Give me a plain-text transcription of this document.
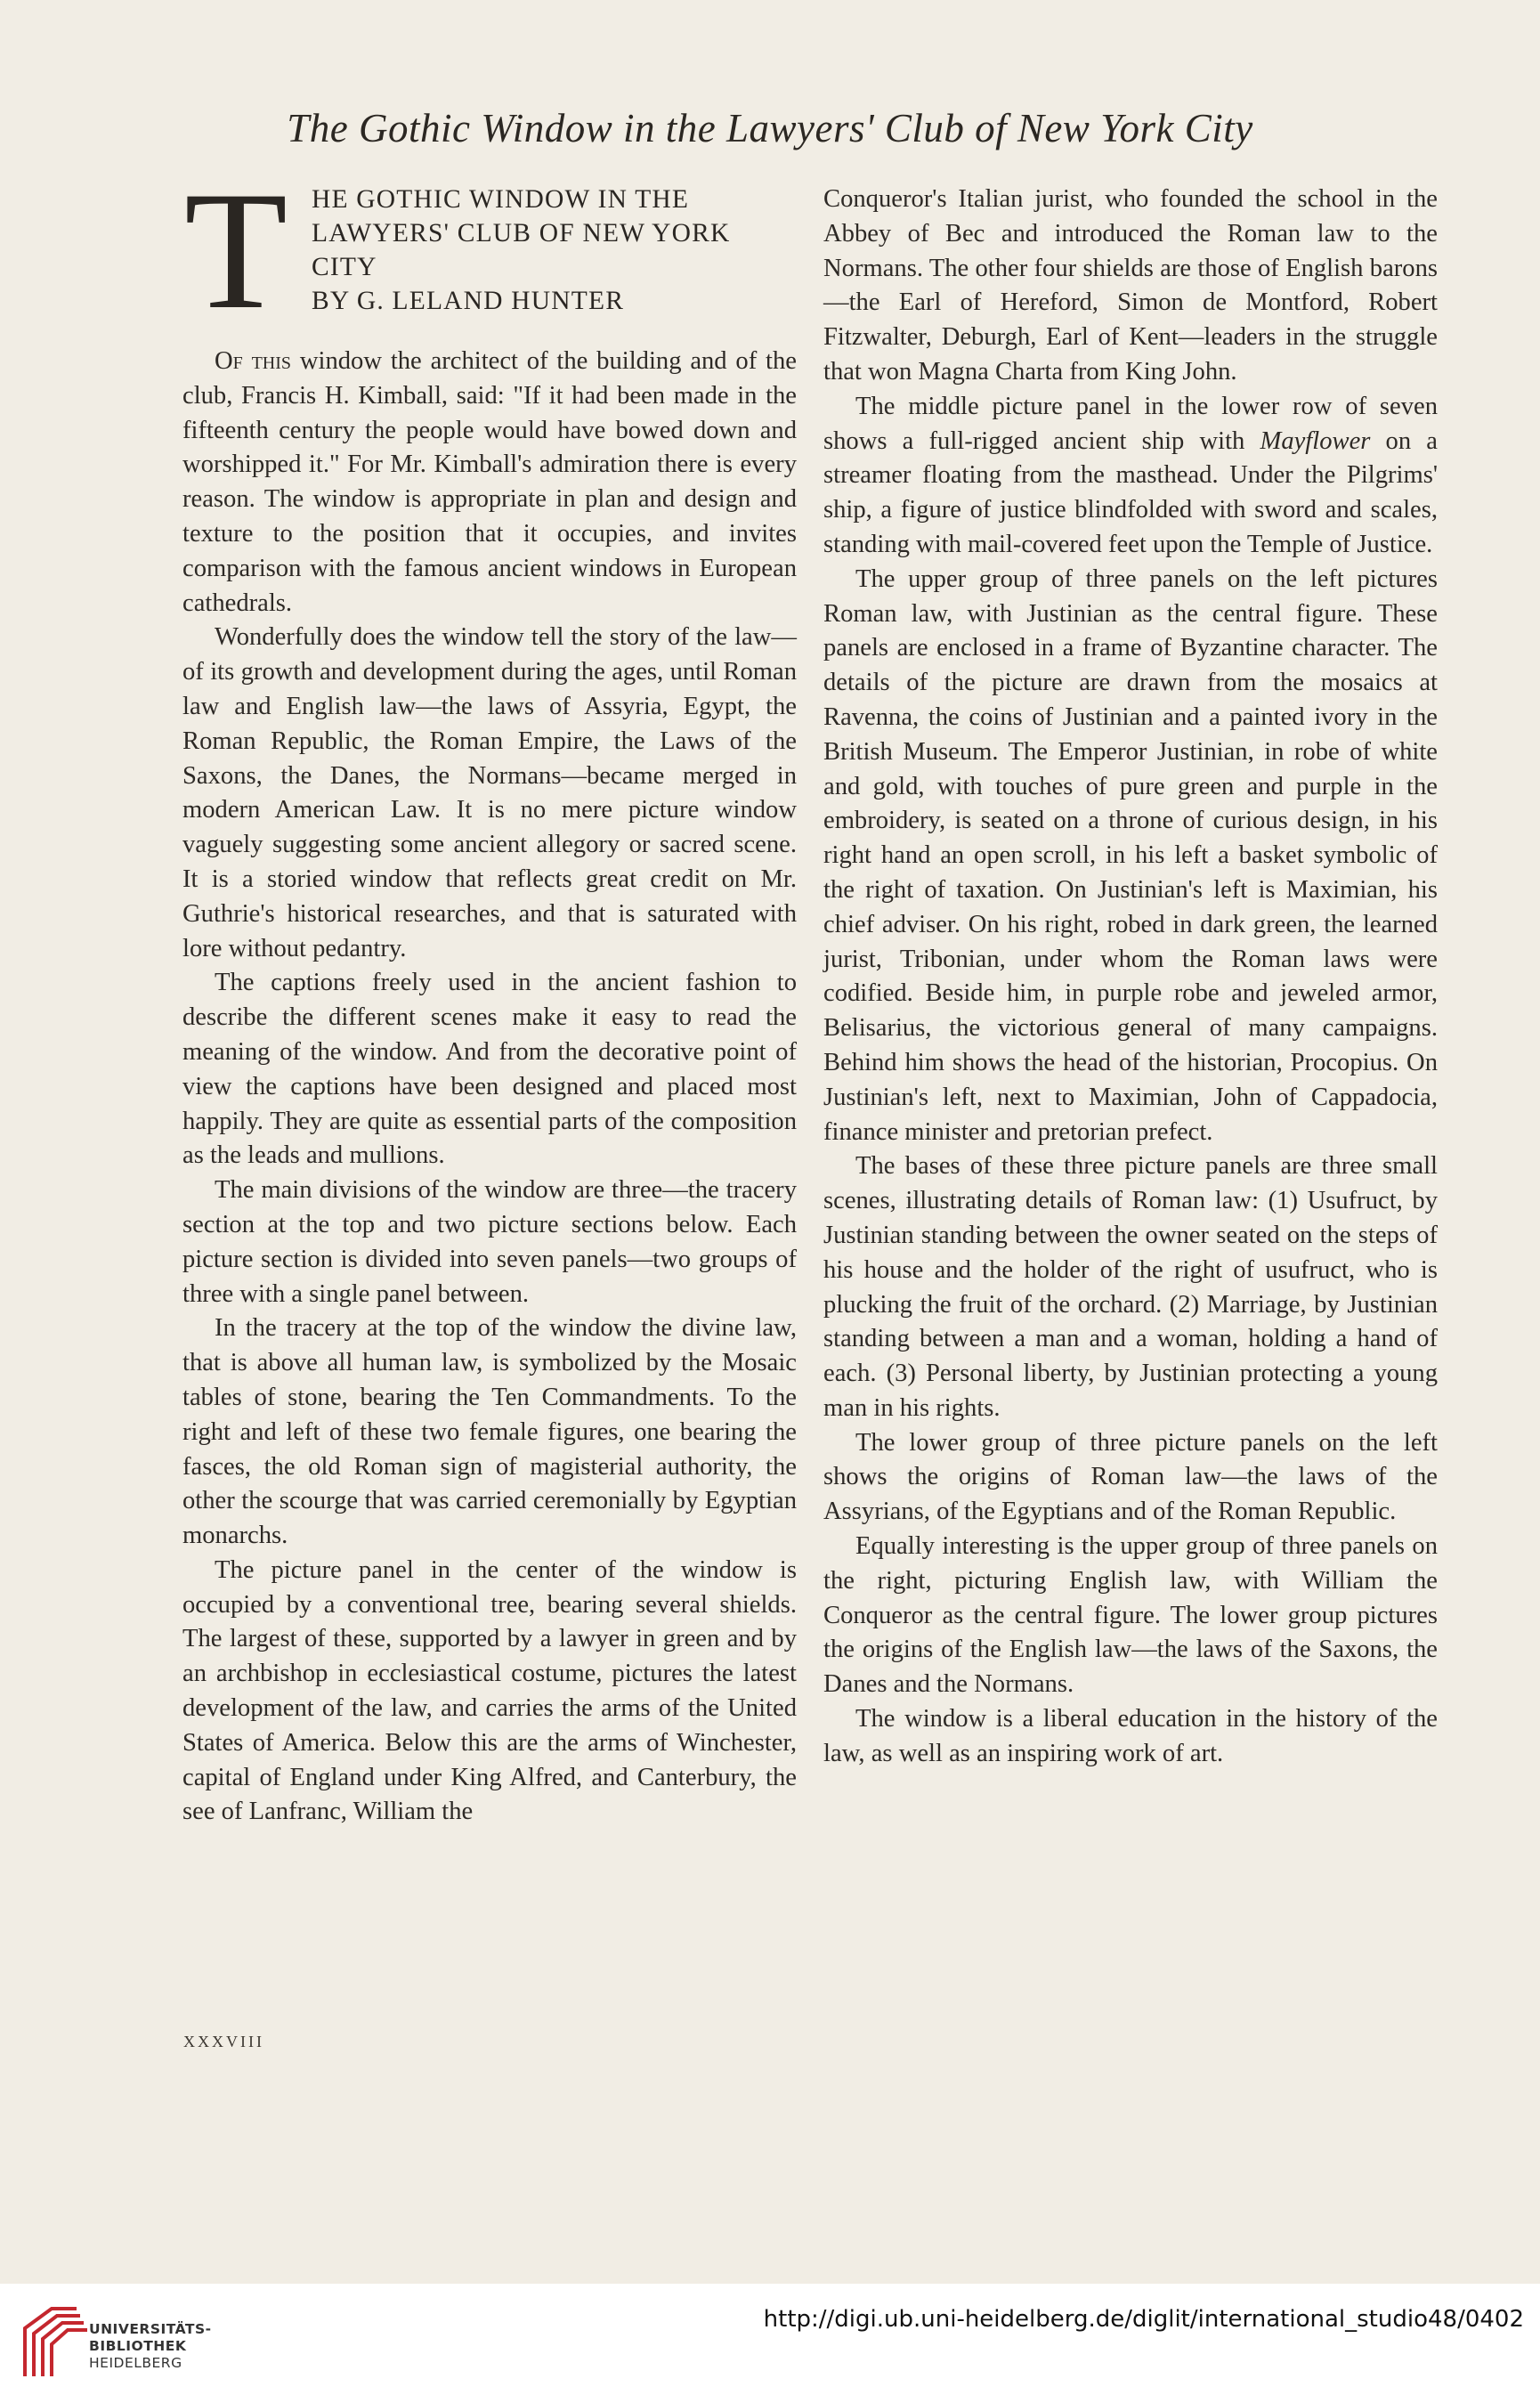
The Gothic Window in the Lawyers' Club of New York City
T HE GOTHIC WINDOW IN THE
LAWYERS' CLUB OF NEW YORK
CITY
BY G. LELAND HUNTER

Of this window the architect of the building and of the club, Francis H. Kimball, said: "If it had been made in the fifteenth century the people would have bowed down and worshipped it." For Mr. Kimball's admiration there is every reason. The window is appropriate in plan and design and texture to the position that it occupies, and invites comparison with the famous ancient windows in European cathedrals.

Wonderfully does the window tell the story of the law—of its growth and development during the ages, until Roman law and English law—the laws of Assyria, Egypt, the Roman Republic, the Roman Empire, the Laws of the Saxons, the Danes, the Normans—became merged in modern American Law. It is no mere picture window vaguely suggesting some ancient allegory or sacred scene. It is a storied window that reflects great credit on Mr. Guthrie's historical researches, and that is saturated with lore without pedantry.

The captions freely used in the ancient fashion to describe the different scenes make it easy to read the meaning of the window. And from the decorative point of view the captions have been designed and placed most happily. They are quite as essential parts of the composition as the leads and mullions.

The main divisions of the window are three—the tracery section at the top and two picture sections below. Each picture section is divided into seven panels—two groups of three with a single panel between.

In the tracery at the top of the window the divine law, that is above all human law, is symbolized by the Mosaic tables of stone, bearing the Ten Commandments. To the right and left of these two female figures, one bearing the fasces, the old Roman sign of magisterial authority, the other the scourge that was carried ceremonially by Egyptian monarchs.

The picture panel in the center of the window is occupied by a conventional tree, bearing several shields. The largest of these, supported by a lawyer in green and by an archbishop in ecclesiastical costume, pictures the latest development of the law, and carries the arms of the United States of America. Below this are the arms of Winchester, capital of England under King Alfred, and Canterbury, the see of Lanfranc, William the

Conqueror's Italian jurist, who founded the school in the Abbey of Bec and introduced the Roman law to the Normans. The other four shields are those of English barons—the Earl of Hereford, Simon de Montford, Robert Fitzwalter, Deburgh, Earl of Kent—leaders in the struggle that won Magna Charta from King John.

The middle picture panel in the lower row of seven shows a full-rigged ancient ship with Mayflower on a streamer floating from the masthead. Under the Pilgrims' ship, a figure of justice blindfolded with sword and scales, standing with mail-covered feet upon the Temple of Justice.

The upper group of three panels on the left pictures Roman law, with Justinian as the central figure. These panels are enclosed in a frame of Byzantine character. The details of the picture are drawn from the mosaics at Ravenna, the coins of Justinian and a painted ivory in the British Museum. The Emperor Justinian, in robe of white and gold, with touches of pure green and purple in the embroidery, is seated on a throne of curious design, in his right hand an open scroll, in his left a basket symbolic of the right of taxation. On Justinian's left is Maximian, his chief adviser. On his right, robed in dark green, the learned jurist, Tribonian, under whom the Roman laws were codified. Beside him, in purple robe and jeweled armor, Belisarius, the victorious general of many campaigns. Behind him shows the head of the historian, Procopius. On Justinian's left, next to Maximian, John of Cappadocia, finance minister and pretorian prefect.

The bases of these three picture panels are three small scenes, illustrating details of Roman law: (1) Usufruct, by Justinian standing between the owner seated on the steps of his house and the holder of the right of usufruct, who is plucking the fruit of the orchard. (2) Marriage, by Justinian standing between a man and a woman, holding a hand of each. (3) Personal liberty, by Justinian protecting a young man in his rights.

The lower group of three picture panels on the left shows the origins of Roman law—the laws of the Assyrians, of the Egyptians and of the Roman Republic.

Equally interesting is the upper group of three panels on the right, picturing English law, with William the Conqueror as the central figure. The lower group pictures the origins of the English law—the laws of the Saxons, the Danes and the Normans.

The window is a liberal education in the history of the law, as well as an inspiring work of art.

XXXVIII
UNIVERSITÄTS-
BIBLIOTHEK
HEIDELBERG
http://digi.ub.uni-heidelberg.de/diglit/international_studio48/0402
